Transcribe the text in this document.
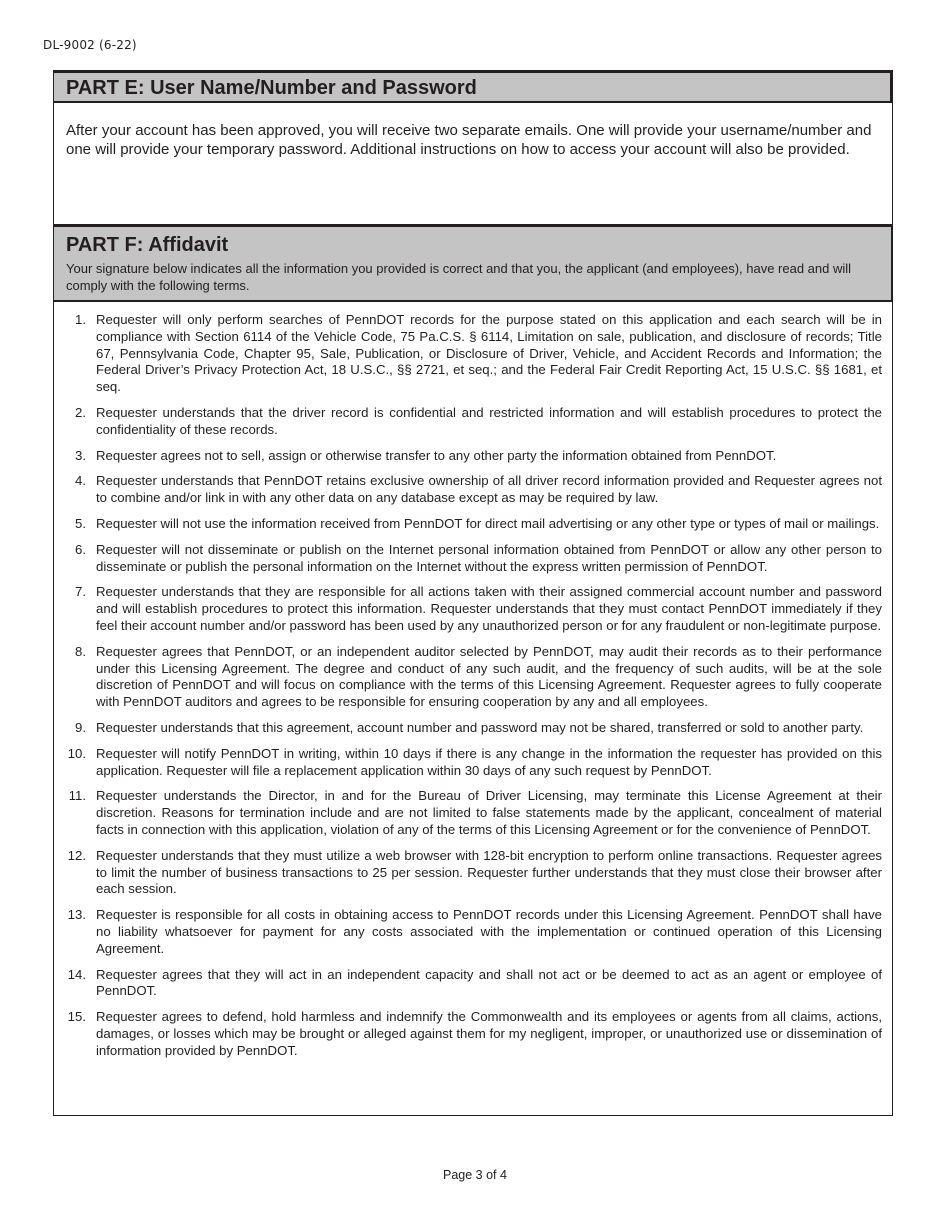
DL-9002 (6-22)
PART E: User Name/Number and Password
After your account has been approved, you will receive two separate emails. One will provide your username/number and one will provide your temporary password. Additional instructions on how to access your account will also be provided.
PART F: Affidavit

Your signature below indicates all the information you provided is correct and that you, the applicant (and employees), have read and will comply with the following terms.

1. Requester will only perform searches of PennDOT records for the purpose stated on this application and each search will be in compliance with Section 6114 of the Vehicle Code, 75 Pa.C.S. § 6114, Limitation on sale, publication, and disclosure of records; Title 67, Pennsylvania Code, Chapter 95, Sale, Publication, or Disclosure of Driver, Vehicle, and Accident Records and Information; the Federal Driver’s Privacy Protection Act, 18 U.S.C., §§ 2721, et seq.; and the Federal Fair Credit Reporting Act, 15 U.S.C. §§ 1681, et seq.
2. Requester understands that the driver record is confidential and restricted information and will establish procedures to protect the confidentiality of these records.
3. Requester agrees not to sell, assign or otherwise transfer to any other party the information obtained from PennDOT.
4. Requester understands that PennDOT retains exclusive ownership of all driver record information provided and Requester agrees not to combine and/or link in with any other data on any database except as may be required by law.
5. Requester will not use the information received from PennDOT for direct mail advertising or any other type or types of mail or mailings.
6. Requester will not disseminate or publish on the Internet personal information obtained from PennDOT or allow any other person to disseminate or publish the personal information on the Internet without the express written permission of PennDOT.
7. Requester understands that they are responsible for all actions taken with their assigned commercial account number and password and will establish procedures to protect this information. Requester understands that they must contact PennDOT immediately if they feel their account number and/or password has been used by any unauthorized person or for any fraudulent or non-legitimate purpose.
8. Requester agrees that PennDOT, or an independent auditor selected by PennDOT, may audit their records as to their performance under this Licensing Agreement. The degree and conduct of any such audit, and the frequency of such audits, will be at the sole discretion of PennDOT and will focus on compliance with the terms of this Licensing Agreement. Requester agrees to fully cooperate with PennDOT auditors and agrees to be responsible for ensuring cooperation by any and all employees.
9. Requester understands that this agreement, account number and password may not be shared, transferred or sold to another party.
10. Requester will notify PennDOT in writing, within 10 days if there is any change in the information the requester has provided on this application. Requester will file a replacement application within 30 days of any such request by PennDOT.
11. Requester understands the Director, in and for the Bureau of Driver Licensing, may terminate this License Agreement at their discretion. Reasons for termination include and are not limited to false statements made by the applicant, concealment of material facts in connection with this application, violation of any of the terms of this Licensing Agreement or for the convenience of PennDOT.
12. Requester understands that they must utilize a web browser with 128-bit encryption to perform online transactions. Requester agrees to limit the number of business transactions to 25 per session. Requester further understands that they must close their browser after each session.
13. Requester is responsible for all costs in obtaining access to PennDOT records under this Licensing Agreement. PennDOT shall have no liability whatsoever for payment for any costs associated with the implementation or continued operation of this Licensing Agreement.
14. Requester agrees that they will act in an independent capacity and shall not act or be deemed to act as an agent or employee of PennDOT.
15. Requester agrees to defend, hold harmless and indemnify the Commonwealth and its employees or agents from all claims, actions, damages, or losses which may be brought or alleged against them for my negligent, improper, or unauthorized use or dissemination of information provided by PennDOT.
Page 3 of 4
